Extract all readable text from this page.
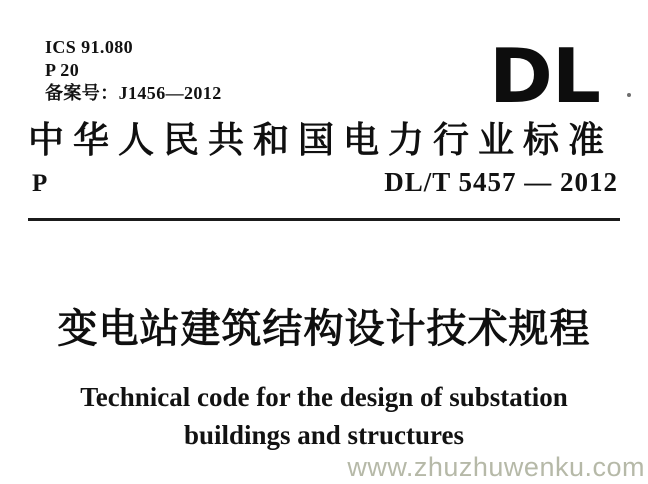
ICS 91.080
P 20
备案号：J1456—2012	DL
中华人民共和国电力行业标准
P	DL/T 5457 — 2012
变电站建筑结构设计技术规程
Technical code for the design of substation
buildings and structures
www.zhuzhuwenku.com
